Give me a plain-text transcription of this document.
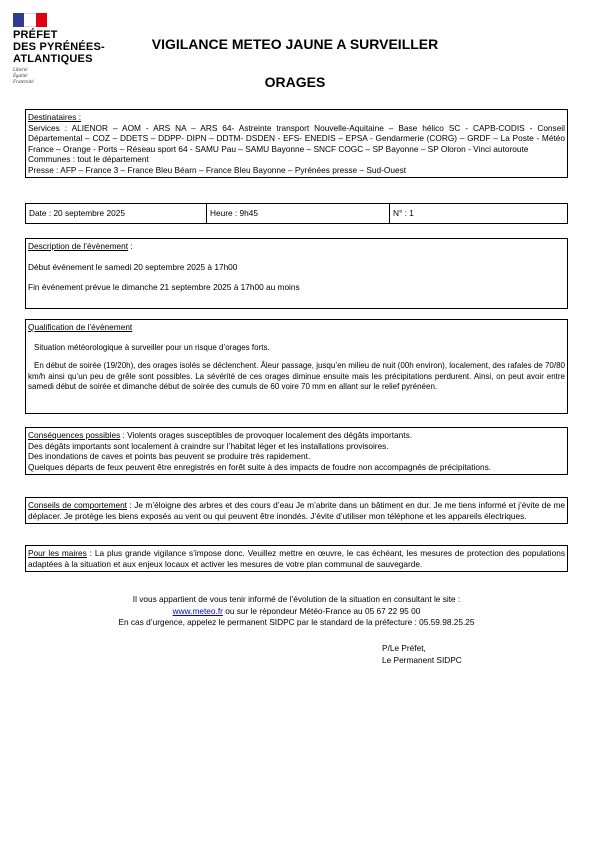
PRÉFET
DES PYRÉNÉES-
ATLANTIQUES
Liberté
Égalité
Fraternité
VIGILANCE METEO JAUNE A SURVEILLER
ORAGES

Destinataires :

Services : ALIENOR – AOM - ARS NA – ARS 64- Astreinte transport Nouvelle-Aquitaine – Base hélico SC - CAPB-CODIS - Conseil Départemental – COZ – DDETS – DDPP- DIPN – DDTM- DSDEN - EFS- ENEDIS – EPSA - Gendarmerie (CORG) – GRDF – La Poste - Météo France – Orange - Ports – Réseau sport 64 - SAMU Pau – SAMU Bayonne – SNCF COGC – SP Bayonne – SP Oloron - Vinci autoroute

Communes : tout le département

Presse : AFP – France 3 – France Bleu Béarn – France Bleu Bayonne – Pyrénées presse – Sud-Ouest

Date : 20 septembre 2025	Heure : 9h45	N° : 1

Description de l’évènement :

Début événement le samedi 20 septembre 2025 à 17h00

Fin événement prévue le dimanche 21 septembre 2025 à 17h00 au moins

Qualification de l’évènement

Situation météorologique à surveiller pour un risque d’orages forts.

En début de soirée (19/20h), des orages isolés se déclenchent. Âleur passage, jusqu’en milieu de nuit (00h environ), localement, des rafales de 70/80 km/h ainsi qu’un peu de grêle sont possibles. La sévérité de ces orages diminue ensuite mais les précipitations perdurent. Ainsi, on peut avoir entre samedi début de soirée et dimanche début de soirée des cumuls de 60 voire 70 mm en allant sur le relief pyrénéen.

Conséquences possibles : Violents orages susceptibles de provoquer localement des dégâts importants.

Des dégâts importants sont localement à craindre sur l’habitat léger et les installations provisoires.

Des inondations de caves et points bas peuvent se produire très rapidement.

Quelques départs de feux peuvent être enregistrés en forêt suite à des impacts de foudre non accompagnés de précipitations.

Conseils de comportement : Je m’éloigne des arbres et des cours d’eau Je m’abrite dans un bâtiment en dur. Je me tiens informé et j’évite de me déplacer. Je protège les biens exposés au vent ou qui peuvent être inondés. J’évite d’utiliser mon téléphone et les appareils électriques.

Pour les maires : La plus grande vigilance s’impose donc. Veuillez mettre en œuvre, le cas échéant, les mesures de protection des populations adaptées à la situation et aux enjeux locaux et activer les mesures de votre plan communal de sauvegarde.

Il vous appartient de vous tenir informé de l’évolution de la situation en consultant le site :

www.meteo.fr ou sur le répondeur Météo-France au 05 67 22 95 00

En cas d’urgence, appelez le permanent SIDPC par le standard de la préfecture : 05.59.98.25.25

P/Le Préfet,

Le Permanent SIDPC
